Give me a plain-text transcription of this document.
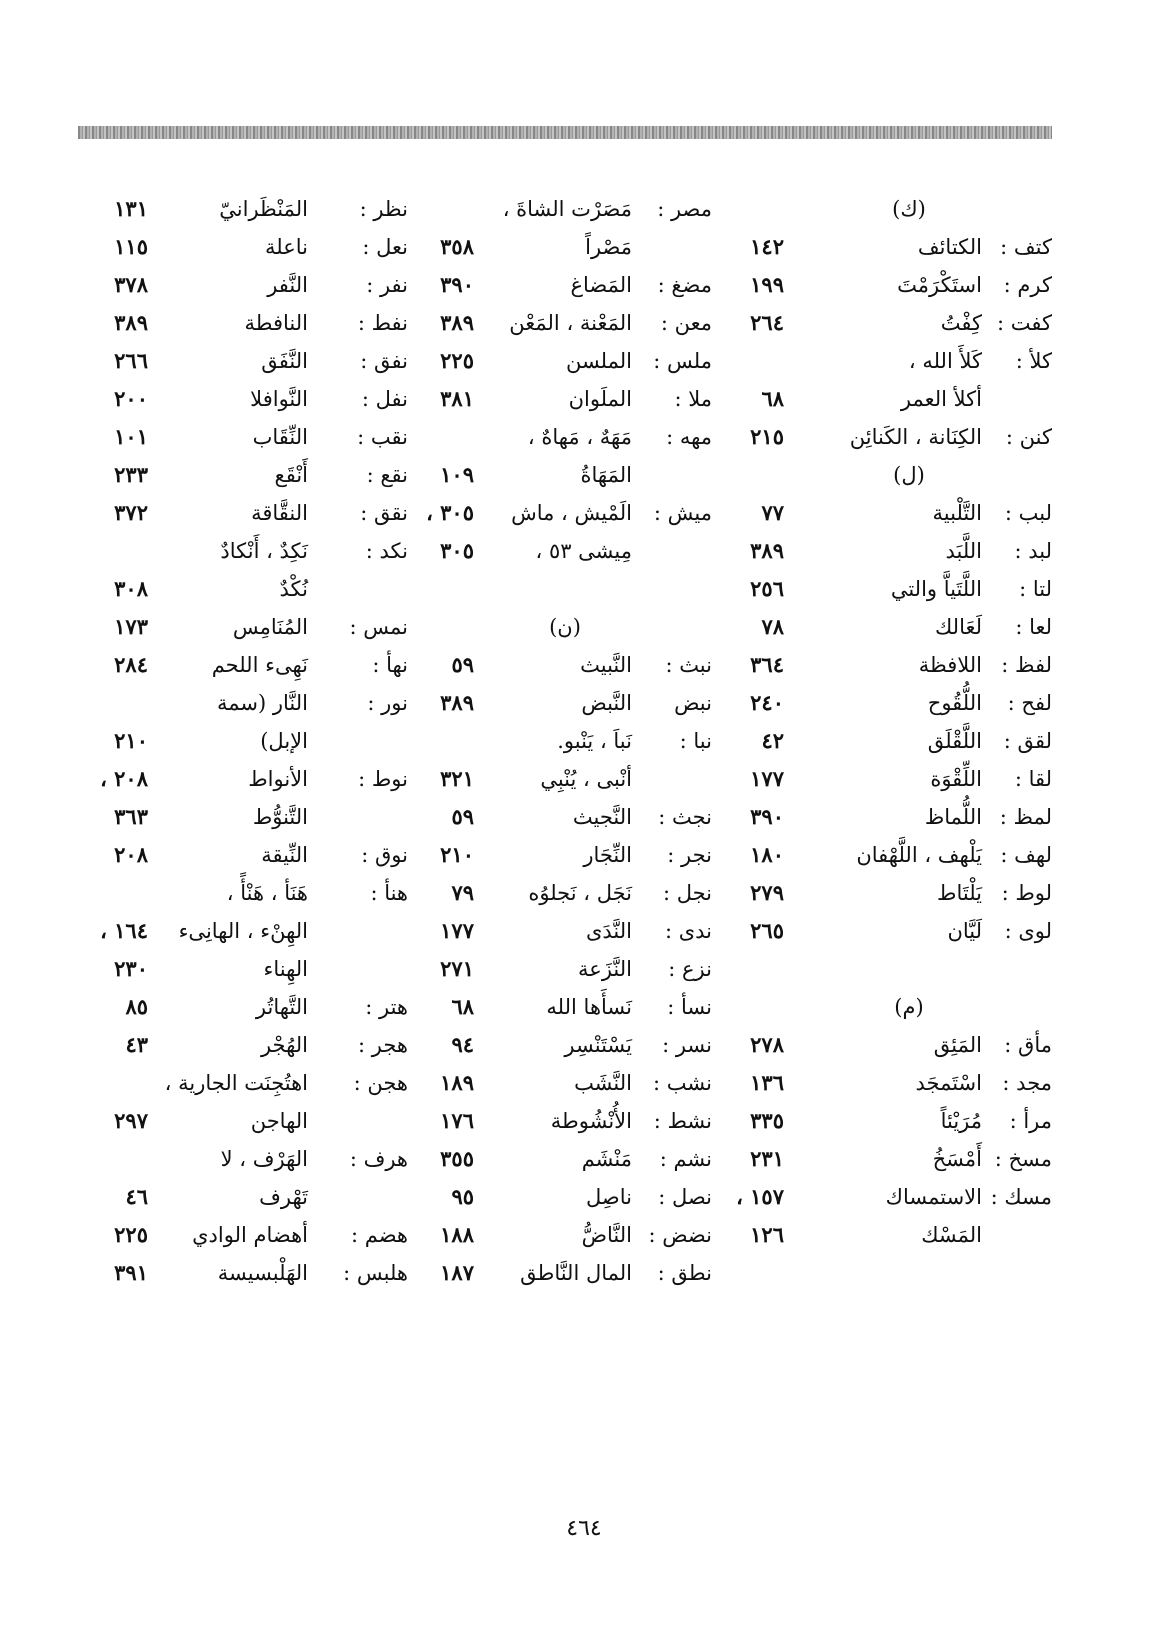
(ك)
كتف :
الكتائف
١٤٢
كرم :
استَكْرَمْتَ
١٩٩
كفت :
كِفْتُ
٢٦٤
كلأ :
كَلأَ الله ،
أكلأ العمر
٦٨
كنن :
الكِنَانة ، الكَنائِن
٢١٥
(ل)
لبب :
التَّلْبية
٧٧
لبد :
اللَّبَد
٣٨٩
لتا :
اللَّتَياَّ والتي
٢٥٦
لعا :
لَعَالك
٧٨
لفظ :
اللافظة
٣٦٤
لفح :
اللُّقُوح
٢٤٠
لقق :
اللَّقْلَق
٤٢
لقا :
اللِّقْوَة
١٧٧
لمظ :
اللُّماظ
٣٩٠
لهف :
يَلْهف ، اللَّهْفان
١٨٠
لوط :
يَلْتَاط
٢٧٩
لوى :
لَيَّان
٢٦٥
(م)
مأق :
المَئِق
٢٧٨
مجد :
اسْتَمجَد
١٣٦
مرأ :
مُرَيْئاً
٣٣٥
مسخ :
أَمْسَخُ
٢٣١
مسك :
الاستمساك
١٥٧ ،
المَسْك
١٢٦
مصر :
مَصَرْت الشاةَ ،
مَصْراً
٣٥٨
مضغ :
المَضاغ
٣٩٠
معن :
المَعْنة ، المَعْن
٣٨٩
ملس :
الملسن
٢٢٥
ملا :
الملَوان
٣٨١
مهه :
مَهَهٌ ، مَهاهٌ ،
المَهَاةُ
١٠٩
ميش :
الَمْيش ، ماش
٣٠٥ ،
مِيشى ٥٣ ،
٣٠٥
(ن)
نبث :
النَّبيث
٥٩
نبض
النَّبض
٣٨٩
نبا :
نَباَ ، يَنْبو.
أنْبى ، يُنْبِي
٣٢١
نجث :
النَّجيث
٥٩
نجر :
النِّجَار
٢١٠
نجل :
نَجَل ، نَجلوُه
٧٩
ندى :
النَّدَى
١٧٧
نزع :
النَّزَعة
٢٧١
نسأ :
نَسأَها الله
٦٨
نسر :
يَسْتَنْسِر
٩٤
نشب :
النَّشَب
١٨٩
نشط :
الأُنْشُوطة
١٧٦
نشم :
مَنْشَم
٣٥٥
نصل :
ناصِل
٩٥
نضض :
النَّاضُّ
١٨٨
نطق :
المال النَّاطق
١٨٧
نظر :
المَنْظَرانيّ
١٣١
نعل :
ناعلة
١١٥
نفر :
النَّفر
٣٧٨
نفط :
النافطة
٣٨٩
نفق :
النَّفَق
٢٦٦
نفل :
النَّوافلا
٢٠٠
نقب :
النِّقَاب
١٠١
نقع :
أَنْقَع
٢٣٣
نقق :
النقَّاقة
٣٧٢
نكد :
نَكِدٌ ، أَنْكادٌ
نُكْدٌ
٣٠٨
نمس :
المُنَامِس
١٧٣
نهأ :
نَهِىء اللحم
٢٨٤
نور :
النَّار (سمة
الإبل)
٢١٠
نوط :
الأنواط
٢٠٨ ،
التَّنوُّط
٣٦٣
نوق :
النِّيقة
٢٠٨
هنأ :
هَنَأ ، هَنْأً ،
الهِنْء ، الهانِىء
١٦٤ ،
الهِناء
٢٣٠
هتر :
التَّهاتُر
٨٥
هجر :
الهُجْر
٤٣
هجن :
اهتُجِنَت الجارية ،
الهاجن
٢٩٧
هرف :
الهَرْف ، لا
تَهْرف
٤٦
هضم :
أهضام الوادي
٢٢٥
هلبس :
الهَلْبسيسة
٣٩١
٤٦٤
